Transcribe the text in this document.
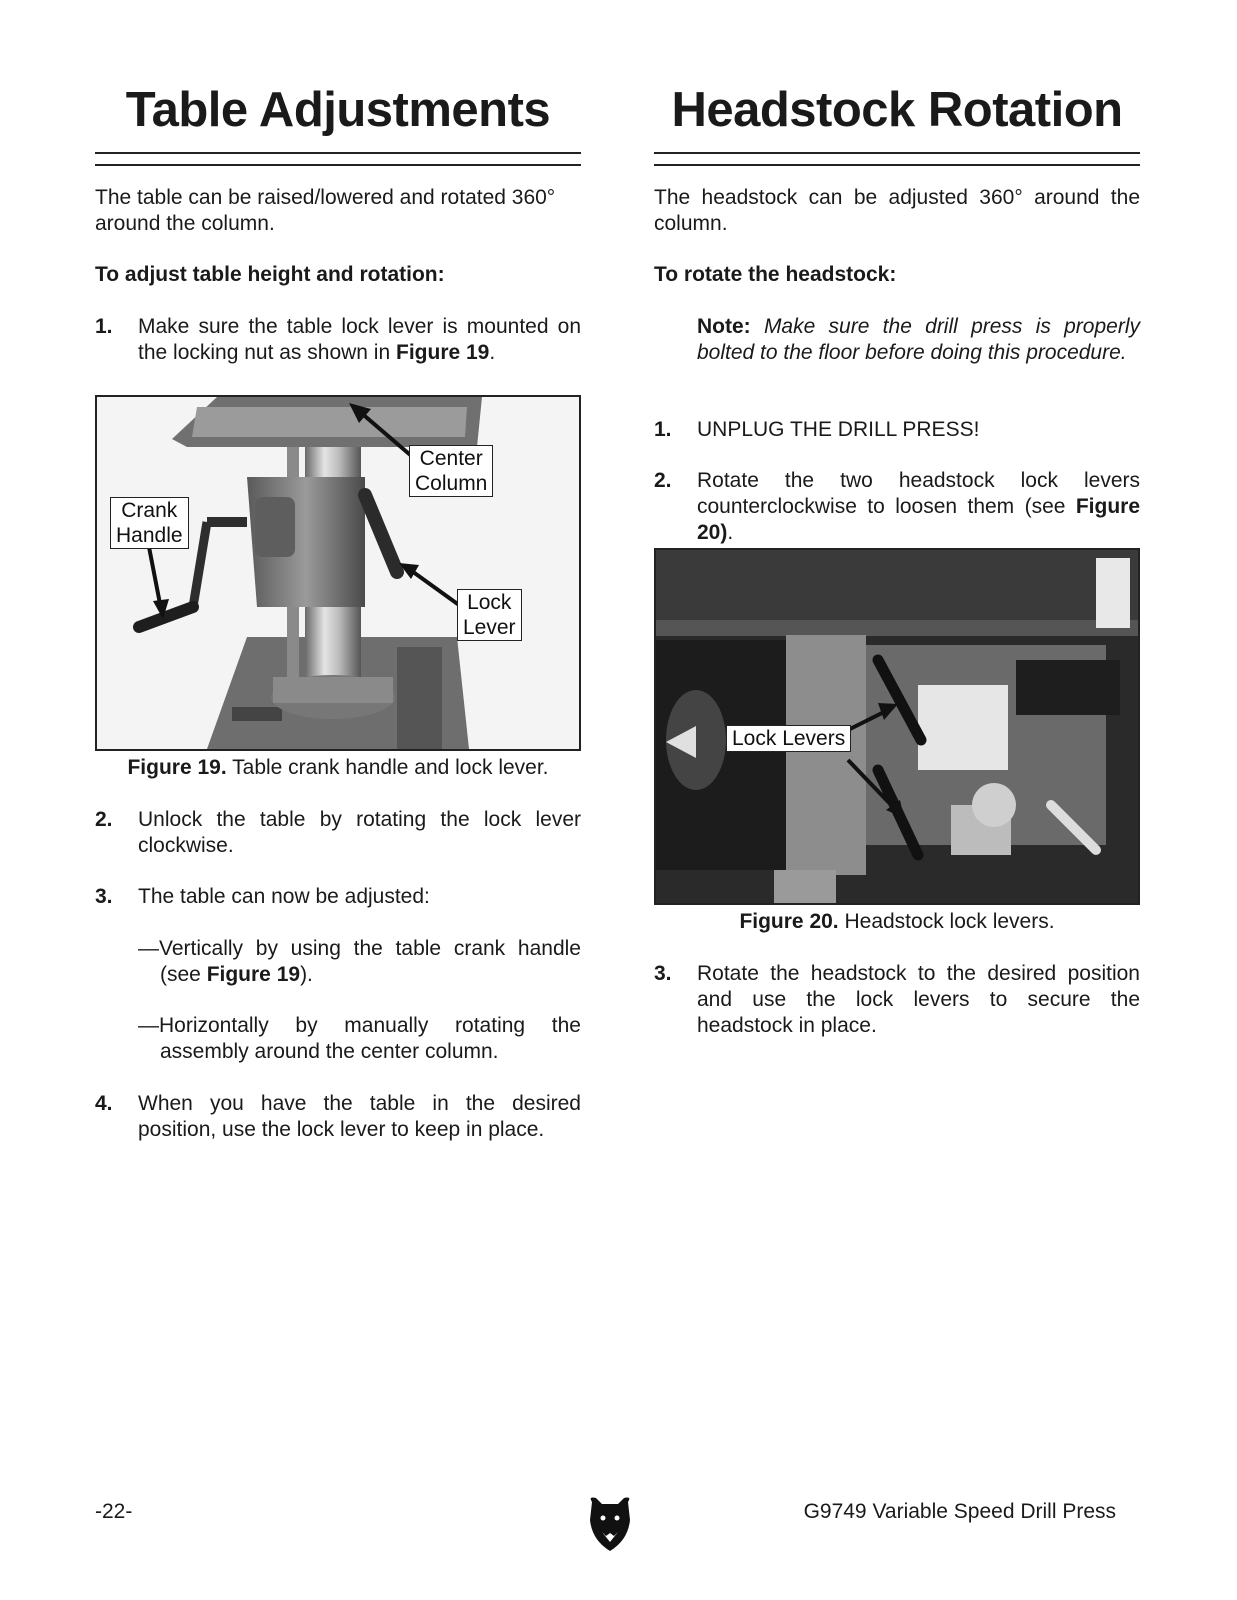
Table Adjustments
The table can be raised/lowered and rotated 360° around the column.
To adjust table height and rotation:
1. Make sure the table lock lever is mounted on the locking nut as shown in Figure 19.
Center
Column
Crank
Handle
Lock
Lever
Figure 19. Table crank handle and lock lever.
2. Unlock the table by rotating the lock lever clockwise.
3. The table can now be adjusted:
—Vertically by using the table crank handle (see Figure 19).
—Horizontally by manually rotating the assembly around the center column.
4. When you have the table in the desired position, use the lock lever to keep in place.
Headstock Rotation
The headstock can be adjusted 360° around the column.
To rotate the headstock:
Note: Make sure the drill press is properly bolted to the floor before doing this procedure.
1. UNPLUG THE DRILL PRESS!
2. Rotate the two headstock lock levers counterclockwise to loosen them (see Figure 20).
Lock Levers
Figure 20. Headstock lock levers.
3. Rotate the headstock to the desired position and use the lock levers to secure the headstock in place.
-22-	G9749 Variable Speed Drill Press
